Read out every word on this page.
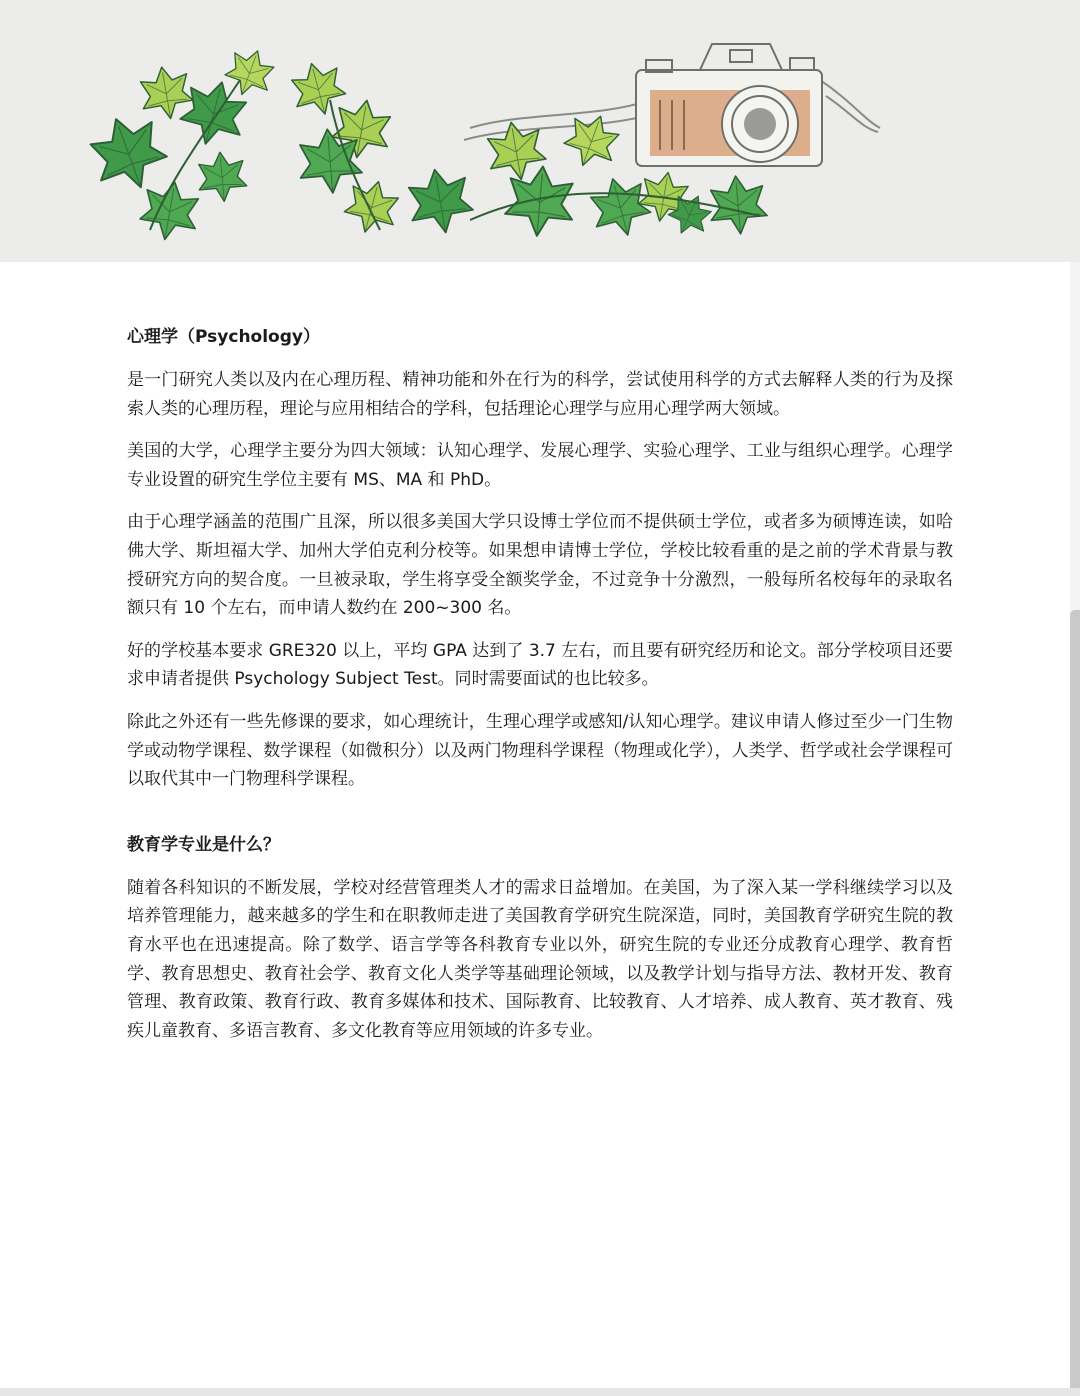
心理学（Psychology）

是一门研究人类以及内在心理历程、精神功能和外在行为的科学，尝试使用科学的方式去解释人类的行为及探索人类的心理历程，理论与应用相结合的学科，包括理论心理学与应用心理学两大领域。

美国的大学，心理学主要分为四大领域：认知心理学、发展心理学、实验心理学、工业与组织心理学。心理学专业设置的研究生学位主要有 MS、MA 和 PhD。

由于心理学涵盖的范围广且深，所以很多美国大学只设博士学位而不提供硕士学位，或者多为硕博连读，如哈佛大学、斯坦福大学、加州大学伯克利分校等。如果想申请博士学位，学校比较看重的是之前的学术背景与教授研究方向的契合度。一旦被录取，学生将享受全额奖学金，不过竞争十分激烈，一般每所名校每年的录取名额只有 10 个左右，而申请人数约在 200~300 名。

好的学校基本要求 GRE320 以上，平均 GPA 达到了 3.7 左右，而且要有研究经历和论文。部分学校项目还要求申请者提供 Psychology Subject Test。同时需要面试的也比较多。

除此之外还有一些先修课的要求，如心理统计，生理心理学或感知/认知心理学。建议申请人修过至少一门生物学或动物学课程、数学课程（如微积分）以及两门物理科学课程（物理或化学），人类学、哲学或社会学课程可以取代其中一门物理科学课程。

教育学专业是什么？

随着各科知识的不断发展，学校对经营管理类人才的需求日益增加。在美国，为了深入某一学科继续学习以及培养管理能力，越来越多的学生和在职教师走进了美国教育学研究生院深造，同时，美国教育学研究生院的教育水平也在迅速提高。除了数学、语言学等各科教育专业以外，研究生院的专业还分成教育心理学、教育哲学、教育思想史、教育社会学、教育文化人类学等基础理论领域，以及教学计划与指导方法、教材开发、教育管理、教育政策、教育行政、教育多媒体和技术、国际教育、比较教育、人才培养、成人教育、英才教育、残疾儿童教育、多语言教育、多文化教育等应用领域的许多专业。
